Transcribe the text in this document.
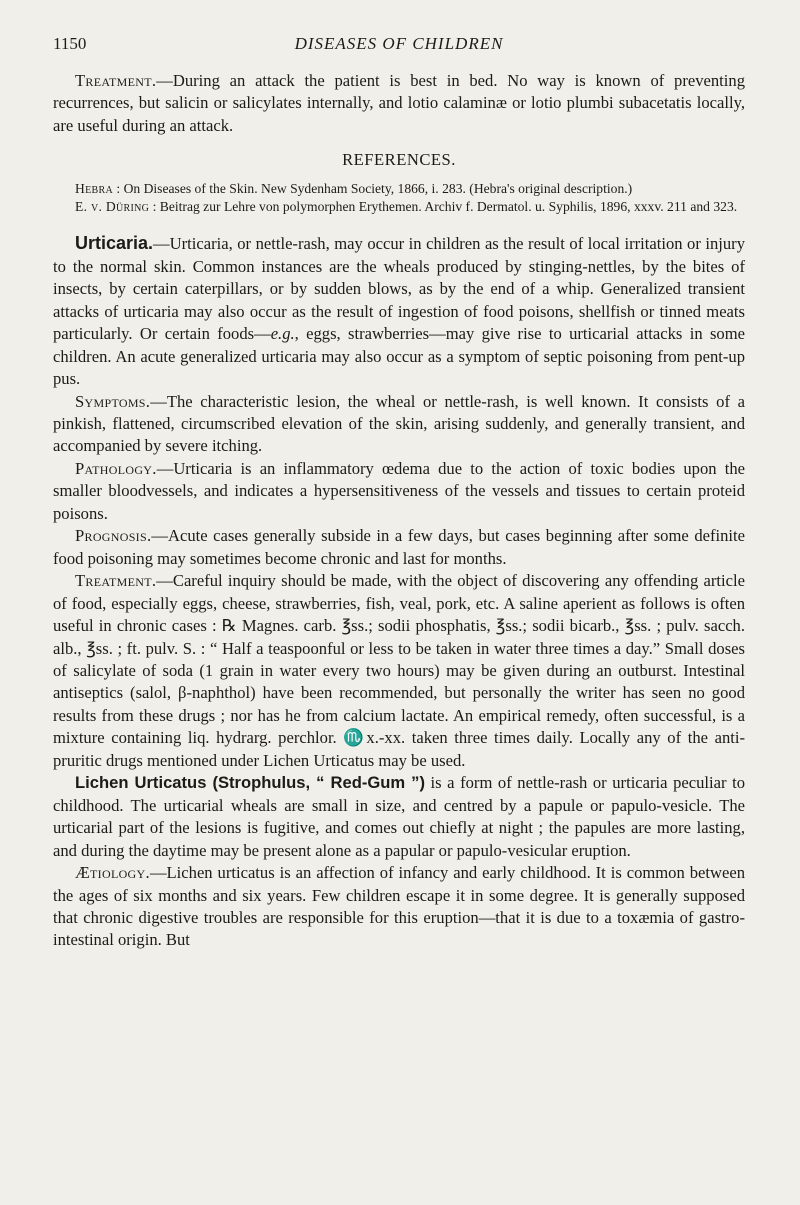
1150	DISEASES OF CHILDREN

Treatment.—During an attack the patient is best in bed. No way is known of preventing recurrences, but salicin or salicylates internally, and lotio calaminæ or lotio plumbi subacetatis locally, are useful during an attack.

REFERENCES.

Hebra : On Diseases of the Skin. New Sydenham Society, 1866, i. 283. (Hebra's original description.)

E. v. Düring : Beitrag zur Lehre von polymorphen Erythemen. Archiv f. Dermatol. u. Syphilis, 1896, xxxv. 211 and 323.

Urticaria.—Urticaria, or nettle-rash, may occur in children as the result of local irritation or injury to the normal skin. Common instances are the wheals produced by stinging-nettles, by the bites of insects, by certain caterpillars, or by sudden blows, as by the end of a whip. Generalized transient attacks of urticaria may also occur as the result of ingestion of food poisons, shellfish or tinned meats particularly. Or certain foods—e.g., eggs, strawberries—may give rise to urticarial attacks in some children. An acute generalized urticaria may also occur as a symptom of septic poisoning from pent-up pus.

Symptoms.—The characteristic lesion, the wheal or nettle-rash, is well known. It consists of a pinkish, flattened, circumscribed elevation of the skin, arising suddenly, and generally transient, and accompanied by severe itching.

Pathology.—Urticaria is an inflammatory œdema due to the action of toxic bodies upon the smaller bloodvessels, and indicates a hypersensitiveness of the vessels and tissues to certain proteid poisons.

Prognosis.—Acute cases generally subside in a few days, but cases beginning after some definite food poisoning may sometimes become chronic and last for months.

Treatment.—Careful inquiry should be made, with the object of discovering any offending article of food, especially eggs, cheese, strawberries, fish, veal, pork, etc. A saline aperient as follows is often useful in chronic cases : ℞ Magnes. carb. ℥ss.; sodii phosphatis, ℥ss.; sodii bicarb., ℥ss. ; pulv. sacch. alb., ℥ss. ; ft. pulv. S. : “ Half a teaspoonful or less to be taken in water three times a day.” Small doses of salicylate of soda (1 grain in water every two hours) may be given during an outburst. Intestinal antiseptics (salol, β-naphthol) have been recommended, but personally the writer has seen no good results from these drugs ; nor has he from calcium lactate. An empirical remedy, often successful, is a mixture containing liq. hydrarg. perchlor. ♏x.-xx. taken three times daily. Locally any of the anti-pruritic drugs mentioned under Lichen Urticatus may be used.

Lichen Urticatus (Strophulus, “ Red-Gum ”) is a form of nettle-rash or urticaria peculiar to childhood. The urticarial wheals are small in size, and centred by a papule or papulo-vesicle. The urticarial part of the lesions is fugitive, and comes out chiefly at night ; the papules are more lasting, and during the daytime may be present alone as a papular or papulo-vesicular eruption.

Ætiology.—Lichen urticatus is an affection of infancy and early childhood. It is common between the ages of six months and six years. Few children escape it in some degree. It is generally supposed that chronic digestive troubles are responsible for this eruption—that it is due to a toxæmia of gastro-intestinal origin. But
